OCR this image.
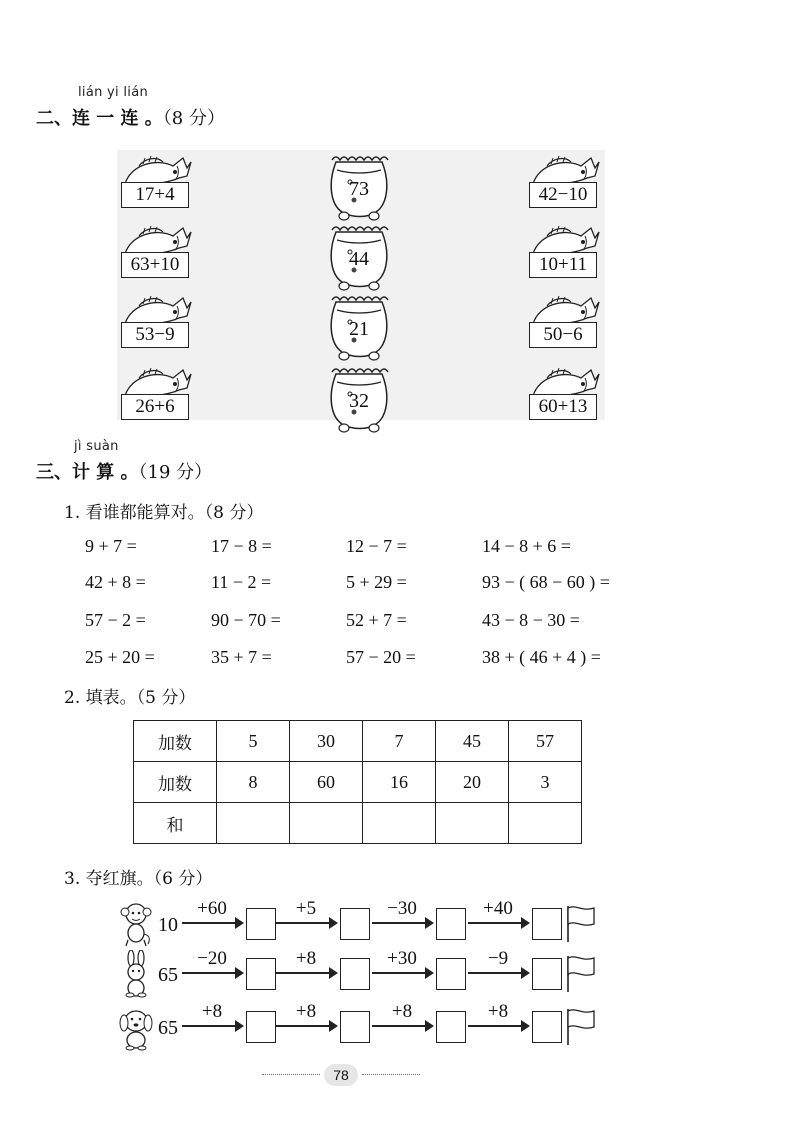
lián yi lián
二、连 一 连 。（8 分）
17+4
63+10
53−9
26+6
73
44
21
32
42−10
10+11
50−6
60+13
jì suàn
三、计 算 。（19 分）
1. 看谁都能算对。（8 分）
9 + 7 =	17 − 8 =	12 − 7 =	14 − 8 + 6 =
42 + 8 =	11 − 2 =	5 + 29 =	93 − ( 68 − 60 ) =
57 − 2 =	90 − 70 =	52 + 7 =	43 − 8 − 30 =
25 + 20 =	35 + 7 =	57 − 20 =	38 + ( 46 + 4 ) =
2. 填表。（5 分）
加数	5	30	7	45	57
加数	8	60	16	20	3
和					
3. 夺红旗。（6 分）
10
+60	+5	−30	+40
65
−20	+8	+30	−9
65
+8	+8	+8	+8
78
